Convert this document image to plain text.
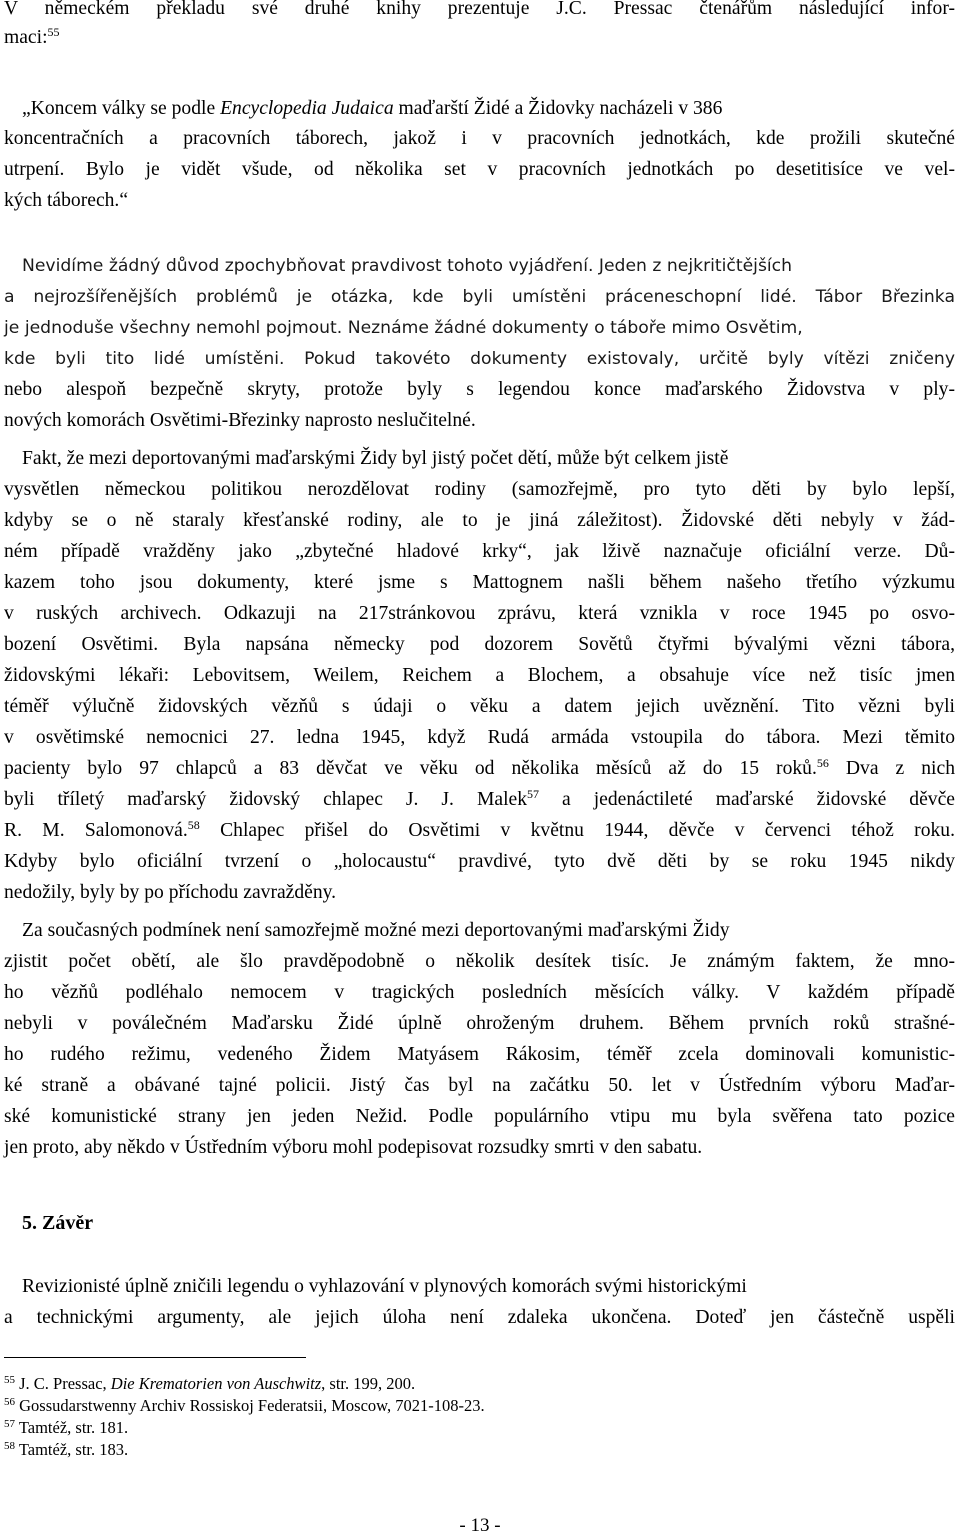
V německém překladu své druhé knihy prezentuje J.C. Pressac čtenářům následující infor-
maci:$^{55}$
„Koncem války se podle Encyclopedia Judaica maďarští Židé a Židovky nacházeli v 386
koncentračních a pracovních táborech, jakož i v pracovních jednotkách, kde prožili skutečné
utrpení. Bylo je vidět všude, od několika set v pracovních jednotkách po desetitisíce ve vel-
kých táborech.“
Nevidíme žádný důvod zpochybňovat pravdivost tohoto vyjádření. Jeden z nejkritičtějších
a nejrozšířenějších problémů je otázka, kde byli umístěni práceneschopní lidé. Tábor Březinka
je jednoduše všechny nemohl pojmout. Neznáme žádné dokumenty o táboře mimo Osvětim,
kde byli tito lidé umístěni. Pokud takovéto dokumenty existovaly, určitě byly vítězi zničeny
nebo alespoň bezpečně skryty, protože byly s legendou konce maďarského Židovstva v ply-
nových komorách Osvětimi-Březinky naprosto neslučitelné.
Fakt, že mezi deportovanými maďarskými Židy byl jistý počet dětí, může být celkem jistě
vysvětlen německou politikou nerozdělovat rodiny (samozřejmě, pro tyto děti by bylo lepší,
kdyby se o ně staraly křesťanské rodiny, ale to je jiná záležitost). Židovské děti nebyly v žád-
ném případě vražděny jako „zbytečné hladové krky“, jak lživě naznačuje oficiální verze. Dů-
kazem toho jsou dokumenty, které jsme s Mattognem našli během našeho třetího výzkumu
v ruských archivech. Odkazuji na 217stránkovou zprávu, která vznikla v roce 1945 po osvo-
bození Osvětimi. Byla napsána německy pod dozorem Sovětů čtyřmi bývalými vězni tábora,
židovskými lékaři: Lebovitsem, Weilem, Reichem a Blochem, a obsahuje více než tisíc jmen
téměř výlučně židovských vězňů s údaji o věku a datem jejich uvěznění. Tito vězni byli
v osvětimské nemocnici 27. ledna 1945, když Rudá armáda vstoupila do tábora. Mezi těmito
pacienty bylo 97 chlapců a 83 děvčat ve věku od několika měsíců až do 15 roků.$^{56}$ Dva z nich
byli tříletý maďarský židovský chlapec J. J. Malek$^{57}$ a jedenáctileté maďarské židovské děvče
R. M. Salomonová.$^{58}$ Chlapec přišel do Osvětimi v květnu 1944, děvče v červenci téhož roku.
Kdyby bylo oficiální tvrzení o „holocaustu“ pravdivé, tyto dvě děti by se roku 1945 nikdy
nedožily, byly by po příchodu zavražděny.
Za současných podmínek není samozřejmě možné mezi deportovanými maďarskými Židy
zjistit počet obětí, ale šlo pravděpodobně o několik desítek tisíc. Je známým faktem, že mno-
ho vězňů podléhalo nemocem v tragických posledních měsících války. V každém případě
nebyli v poválečném Maďarsku Židé úplně ohroženým druhem. Během prvních roků strašné-
ho rudého režimu, vedeného Židem Matyásem Rákosim, téměř zcela dominovali komunistic-
ké straně a obávané tajné policii. Jistý čas byl na začátku 50. let v Ústředním výboru Maďar-
ské komunistické strany jen jeden Nežid. Podle populárního vtipu mu byla svěřena tato pozice
jen proto, aby někdo v Ústředním výboru mohl podepisovat rozsudky smrti v den sabatu.
5. Závěr
Revizionisté úplně zničili legendu o vyhlazování v plynových komorách svými historickými
a technickými argumenty, ale jejich úloha není zdaleka ukončena. Doteď jen částečně uspěli
$^{55}$ J. C. Pressac, Die Krematorien von Auschwitz, str. 199, 200.
$^{56}$ Gossudarstwenny Archiv Rossiskoj Federatsii, Moscow, 7021-108-23.
$^{57}$ Tamtéž, str. 181.
$^{58}$ Tamtéž, str. 183.
- 13 -
